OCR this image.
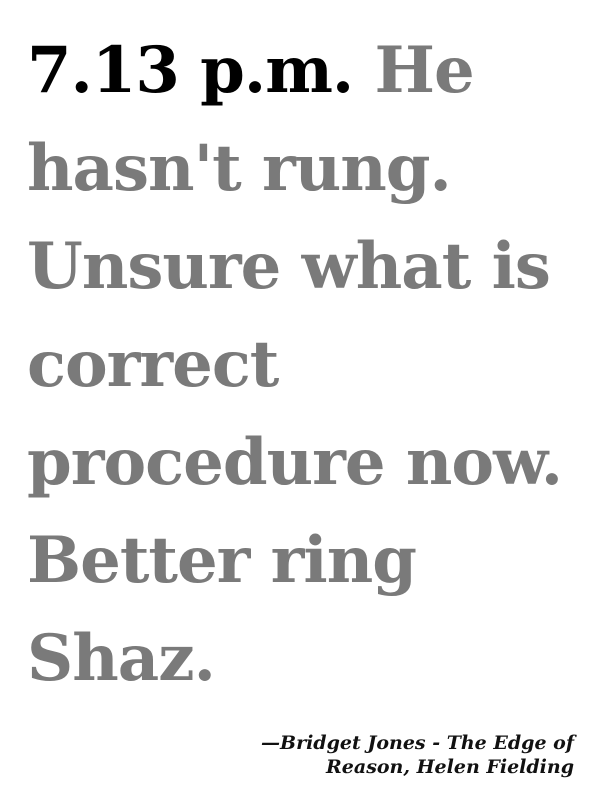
7.13 p.m. He hasn't rung. Unsure what is correct procedure now. Better ring Shaz.

—Bridget Jones - The Edge of
Reason, Helen Fielding
